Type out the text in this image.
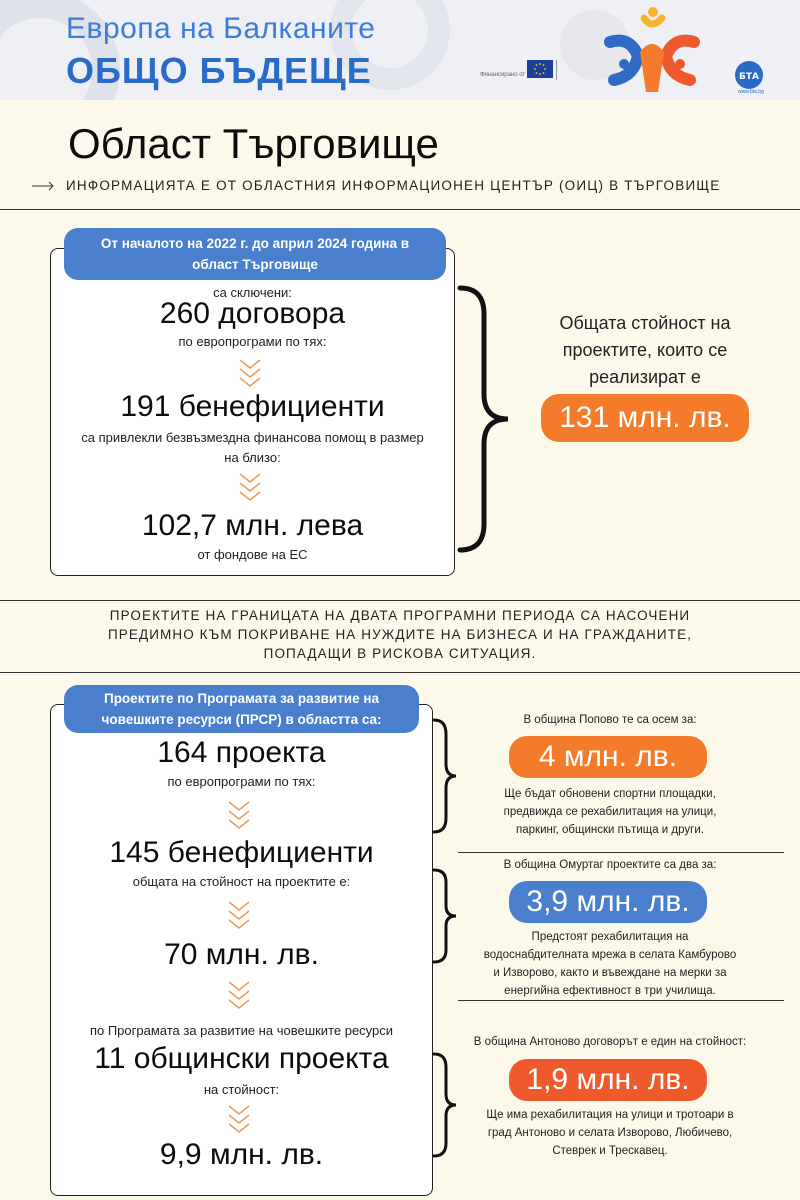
Европа на Балканите
ОБЩО БЪДЕЩЕ	Финансирано от	БТА
www.bta.bg
Област Търговище
ИНФОРМАЦИЯТА Е ОТ ОБЛАСТНИЯ ИНФОРМАЦИОНЕН ЦЕНТЪР (ОИЦ) В ТЪРГОВИЩЕ
От началото на 2022 г. до април 2024 година в
област Търговище
са сключени:
260 договора
по европрограми по тях:
191 бенефициенти
са привлекли безвъзмездна финансова помощ в размер
на близо:
102,7 млн. лева
от фондове на ЕС
Общата стойност на
проектите, които се
реализират е
131 млн. лв.
ПРОЕКТИТЕ НА ГРАНИЦАТА НА ДВАТА ПРОГРАМНИ ПЕРИОДА СА НАСОЧЕНИ
ПРЕДИМНО КЪМ ПОКРИВАНЕ НА НУЖДИТЕ НА БИЗНЕСА И НА ГРАЖДАНИТЕ,
ПОПАДАЩИ В РИСКОВА СИТУАЦИЯ.
Проектите по Програмата за развитие на
човешките ресурси (ПРСР) в областта са:
164 проекта
по европрограми по тях:
145 бенефициенти
общата на стойност на проектите е:
70 млн. лв.
по Програмата за развитие на човешките ресурси
11 общински проекта
на стойност:
9,9 млн. лв.
В община Попово те са осем за:
4 млн. лв.
Ще бъдат обновени спортни площадки,
предвижда се рехабилитация на улици,
паркинг, общински пътища и други.
В община Омуртаг проектите са два за:
3,9 млн. лв.
Предстоят рехабилитация на
водоснабдителната мрежа в селата Камбурово
и Изворово, както и въвеждане на мерки за
енергийна ефективност в три училища.
В община Антоново договорът е един на стойност:
1,9 млн. лв.
Ще има рехабилитация на улици и тротоари в
град Антоново и селата Изворово, Любичево,
Стеврек и Трескавец.
